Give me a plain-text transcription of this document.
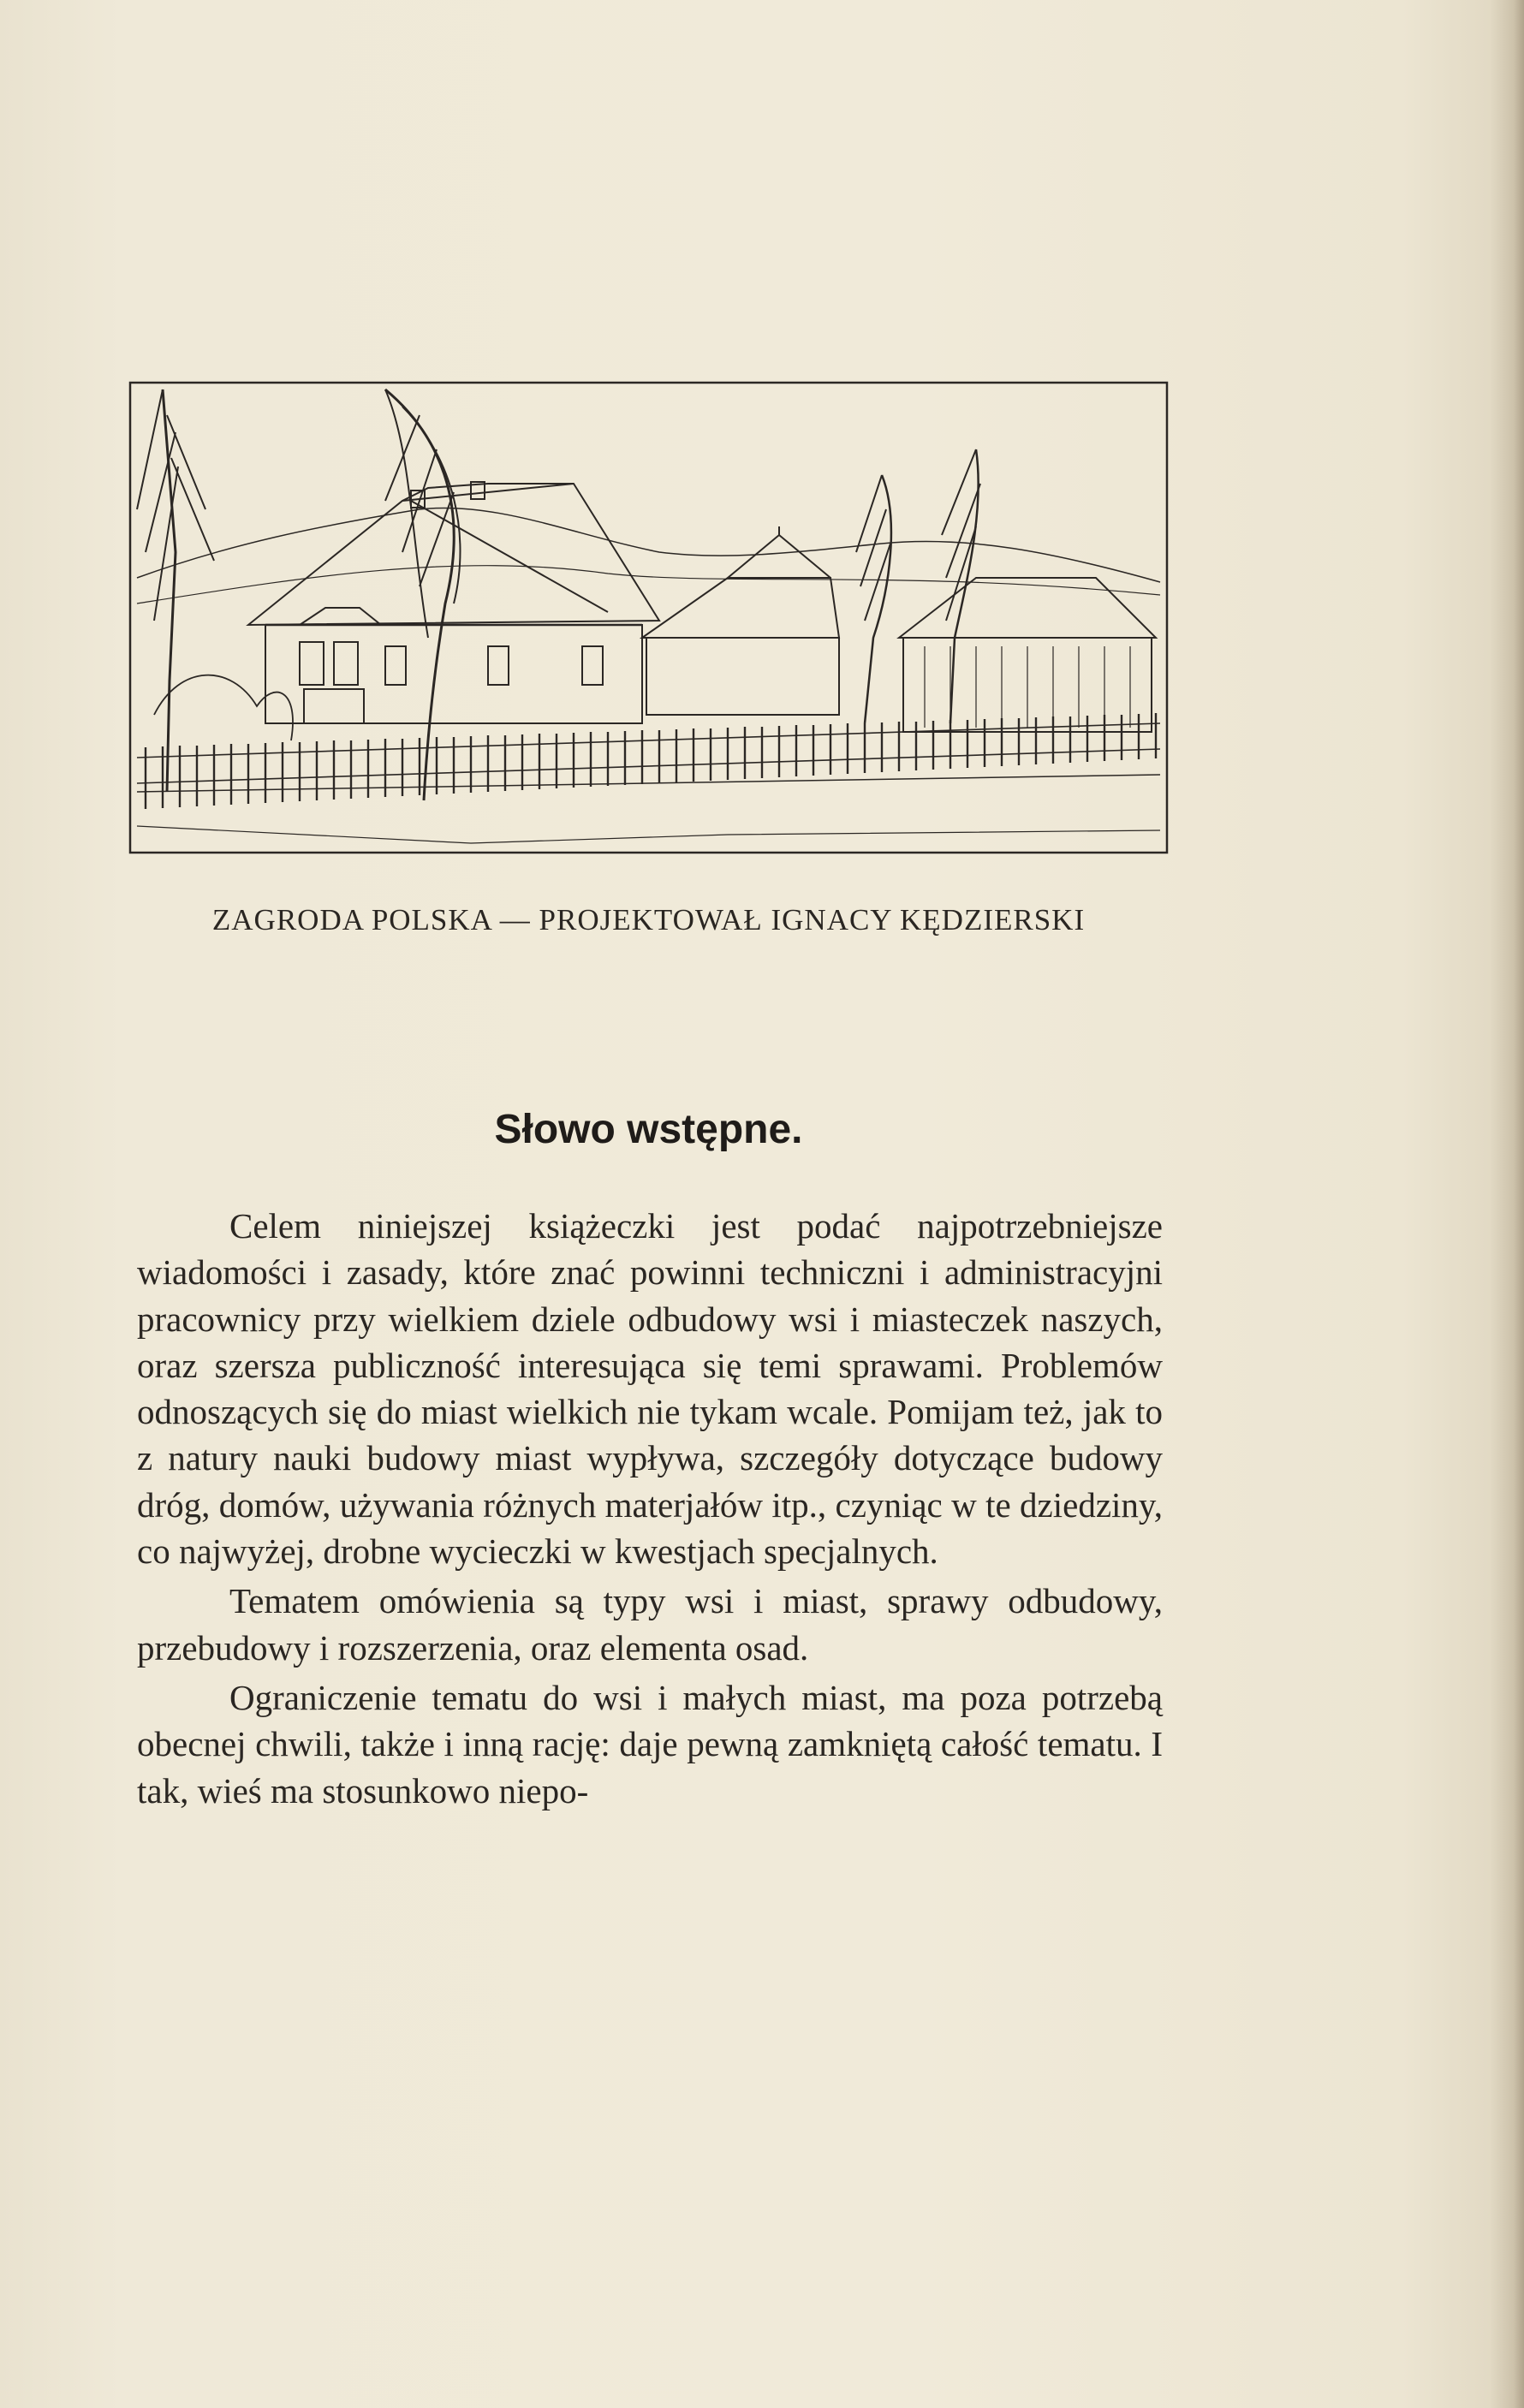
ZAGRODA POLSKA — PROJEKTOWAŁ IGNACY KĘDZIERSKI
Słowo wstępne.

Celem niniejszej książeczki jest podać najpotrzebniejsze wiadomości i zasady, które znać powinni techniczni i administracyjni pracownicy przy wielkiem dziele odbudowy wsi i miasteczek naszych, oraz szersza publiczność interesująca się temi sprawami. Problemów odnoszących się do miast wielkich nie tykam wcale. Pomijam też, jak to z natury nauki budowy miast wypływa, szczegóły dotyczące budowy dróg, domów, używania różnych materjałów itp., czyniąc w te dziedziny, co najwyżej, drobne wycieczki w kwestjach specjalnych.

Tematem omówienia są typy wsi i miast, sprawy odbudowy, przebudowy i rozszerzenia, oraz elementa osad.

Ograniczenie tematu do wsi i małych miast, ma poza potrzebą obecnej chwili, także i inną rację: daje pewną zamkniętą całość tematu. I tak, wieś ma stosunkowo niepo-
